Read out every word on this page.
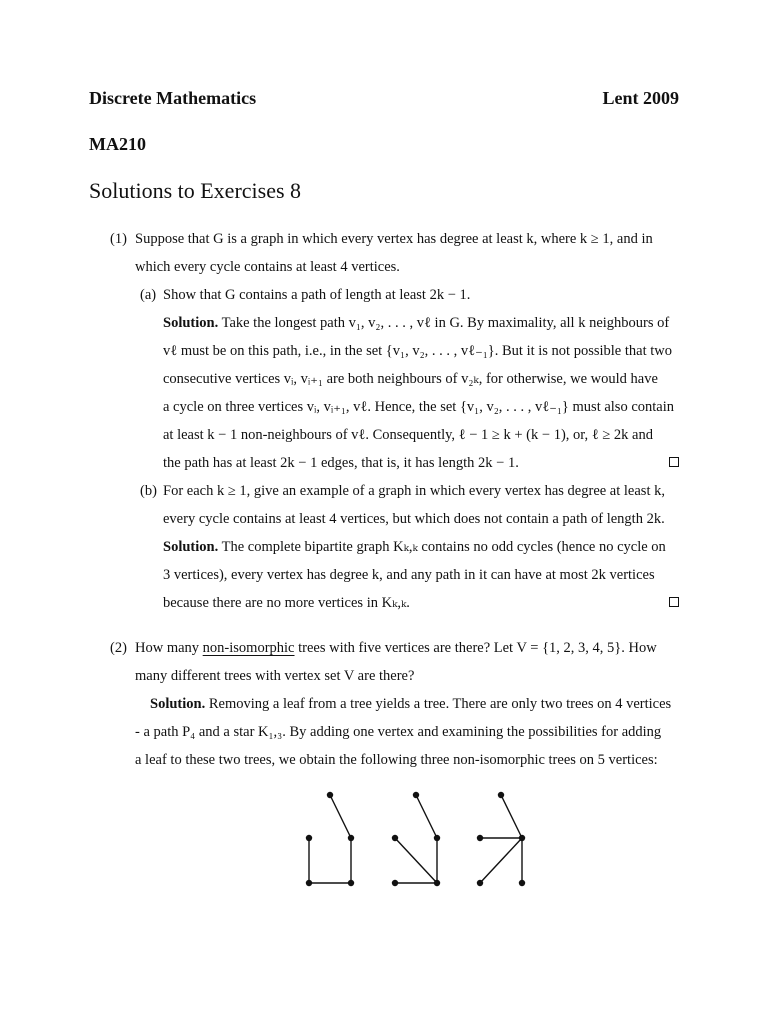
Discrete Mathematics	Lent 2009
MA210
Solutions to Exercises 8
(1) Suppose that G is a graph in which every vertex has degree at least k, where k ≥ 1, and in
which every cycle contains at least 4 vertices.
(a) Show that G contains a path of length at least 2k − 1.
Solution. Take the longest path v₁, v₂, . . . , vℓ in G. By maximality, all k neighbours of
vℓ must be on this path, i.e., in the set {v₁, v₂, . . . , vℓ₋₁}. But it is not possible that two
consecutive vertices vᵢ, vᵢ₊₁ are both neighbours of v₂ₖ, for otherwise, we would have
a cycle on three vertices vᵢ, vᵢ₊₁, vℓ. Hence, the set {v₁, v₂, . . . , vℓ₋₁} must also contain
at least k − 1 non-neighbours of vℓ. Consequently, ℓ − 1 ≥ k + (k − 1), or, ℓ ≥ 2k and
the path has at least 2k − 1 edges, that is, it has length 2k − 1.
(b) For each k ≥ 1, give an example of a graph in which every vertex has degree at least k,
every cycle contains at least 4 vertices, but which does not contain a path of length 2k.
Solution. The complete bipartite graph Kₖ,ₖ contains no odd cycles (hence no cycle on
3 vertices), every vertex has degree k, and any path in it can have at most 2k vertices
because there are no more vertices in Kₖ,ₖ.
(2) How many non-isomorphic trees with five vertices are there? Let V = {1, 2, 3, 4, 5}. How
many different trees with vertex set V are there?
Solution. Removing a leaf from a tree yields a tree. There are only two trees on 4 vertices
- a path P₄ and a star K₁,₃. By adding one vertex and examining the possibilities for adding
a leaf to these two trees, we obtain the following three non-isomorphic trees on 5 vertices:
